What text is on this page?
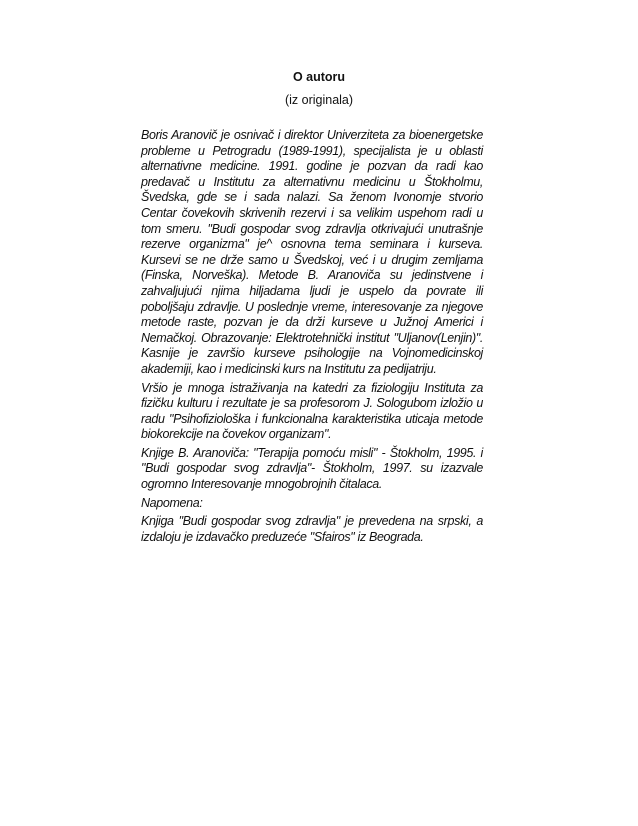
O autoru
(iz originala)

Boris Aranovič je osnivač i direktor Univerziteta za bioenergetske probleme u Petrogradu (1989-1991), specijalista je u oblasti alternativne medicine. 1991. godine je pozvan da radi kao predavač u Institutu za alternativnu medicinu u Štokholmu, Švedska, gde se i sada nalazi. Sa ženom Ivonomje stvorio Centar čovekovih skrivenih rezervi i sa velikim uspehom radi u tom smeru. "Budi gospodar svog zdravlja otkrivajući unutrašnje rezerve organizma" je^ osnovna tema seminara i kurseva. Kursevi se ne drže samo u Švedskoj, već i u drugim zemljama (Finska, Norveška). Metode B. Aranoviča su jedinstvene i zahvaljujući njima hiljadama ljudi je uspelo da povrate ili poboljšaju zdravlje. U poslednje vreme, interesovanje za njegove metode raste, pozvan je da drži kurseve u Južnoj Americi i Nemačkoj. Obrazovanje: Elektrotehnički institut "Uljanov(Lenjin)". Kasnije je završio kurseve psihologije na Vojnomedicinskoj akademiji, kao i medicinski kurs na Institutu za pedijatriju.

Vršio je mnoga istraživanja na katedri za fiziologiju Instituta za fizičku kulturu i rezultate je sa profesorom J. Sologubom izložio u radu "Psihofiziološka i funkcionalna karakteristika uticaja metode biokorekcije na čovekov organizam".

Knjige B. Aranoviča: "Terapija pomoću misli" - Štokholm, 1995. i "Budi gospodar svog zdravlja"- Štokholm, 1997. su izazvale ogromno Interesovanje mnogobrojnih čitalaca.

Napomena:

Knjiga "Budi gospodar svog zdravlja" je prevedena na srpski, a izdaloju je izdavačko preduzeće "Sfairos" iz Beograda.
